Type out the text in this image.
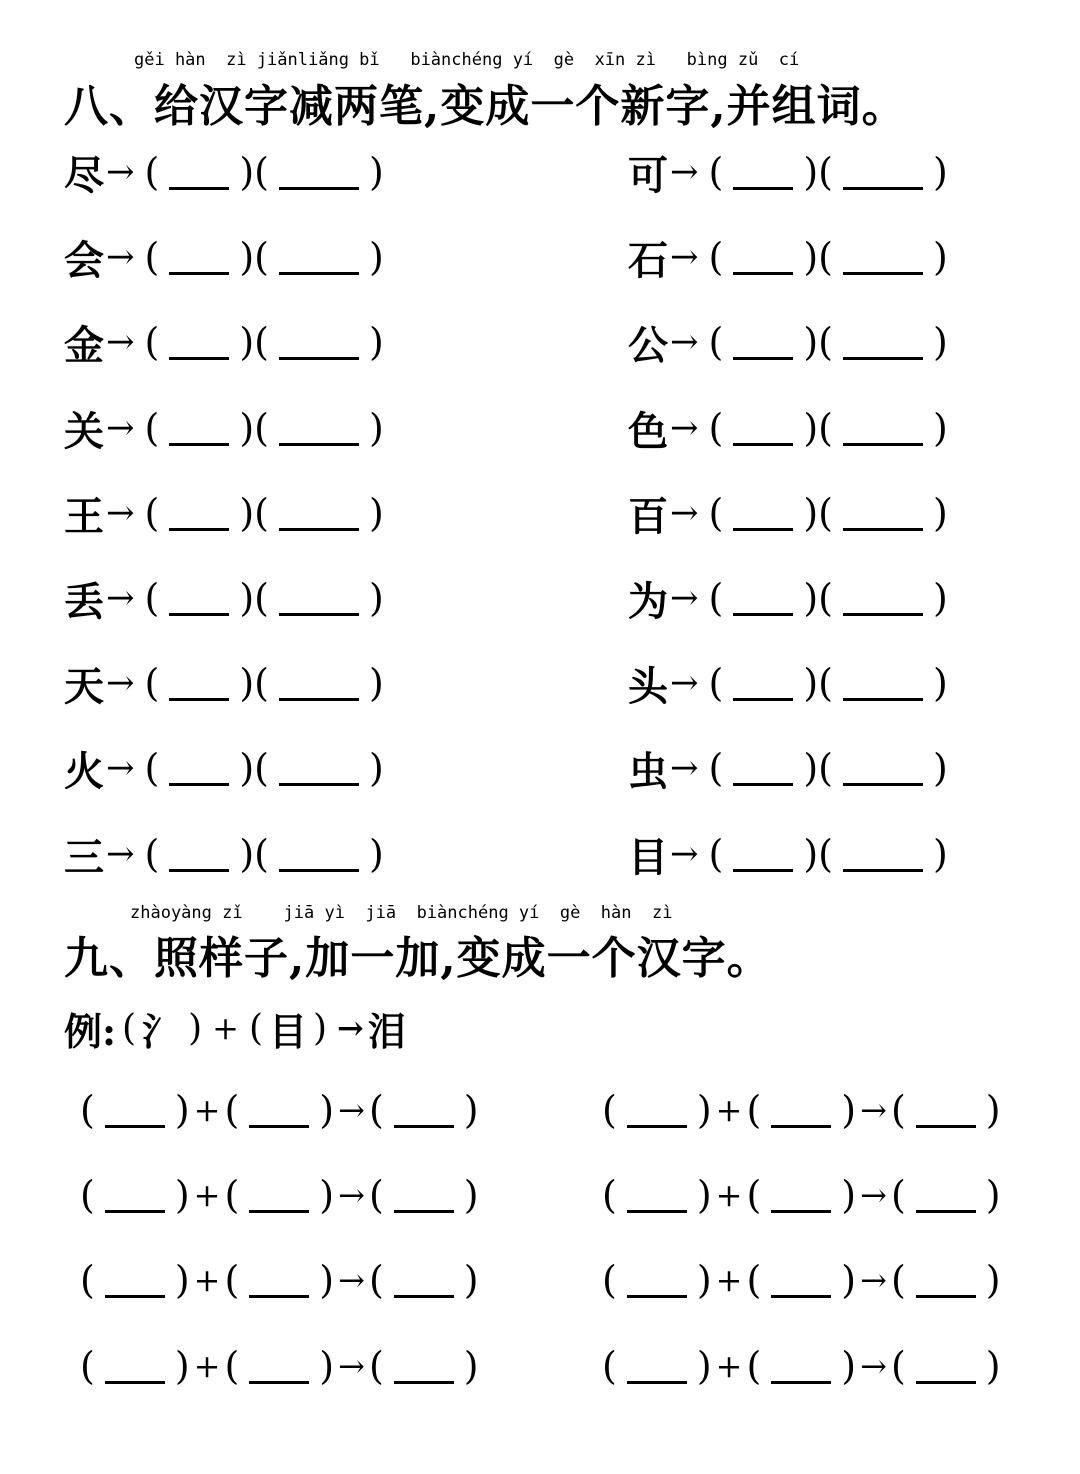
gěi hàn  zì jiǎnliǎng bǐ   biànchéng yí  gè  xīn zì   bìng zǔ  cí
八、给汉字减两笔,变成一个新字,并组词。
尽 → ( ) (	)
会 → ( ) (	)
金 → ( ) (	)
关 → ( ) (	)
王 → ( ) (	)
丢 → ( ) (	)
天 → ( ) (	)
火 → ( ) (	)
三 → ( ) (	)
可 → ( ) (	)
石 → ( ) (	)
公 → ( ) (	)
色 → ( ) (	)
百 → ( ) (	)
为 → ( ) (	)
头 → ( ) (	)
虫 → ( ) (	)
目 → ( ) (	)
zhàoyàng zǐ    jiā yì  jiā  biànchéng yí  gè  hàn  zì
九、照样子,加一加,变成一个汉字。
例: ( 氵 ) + ( 目 ) → 泪
( ) + ( ) → ( )
( ) + ( ) → ( )
( ) + ( ) → ( )
( ) + ( ) → ( )
( ) + ( ) → ( )
( ) + ( ) → ( )
( ) + ( ) → ( )
( ) + ( ) → ( )
